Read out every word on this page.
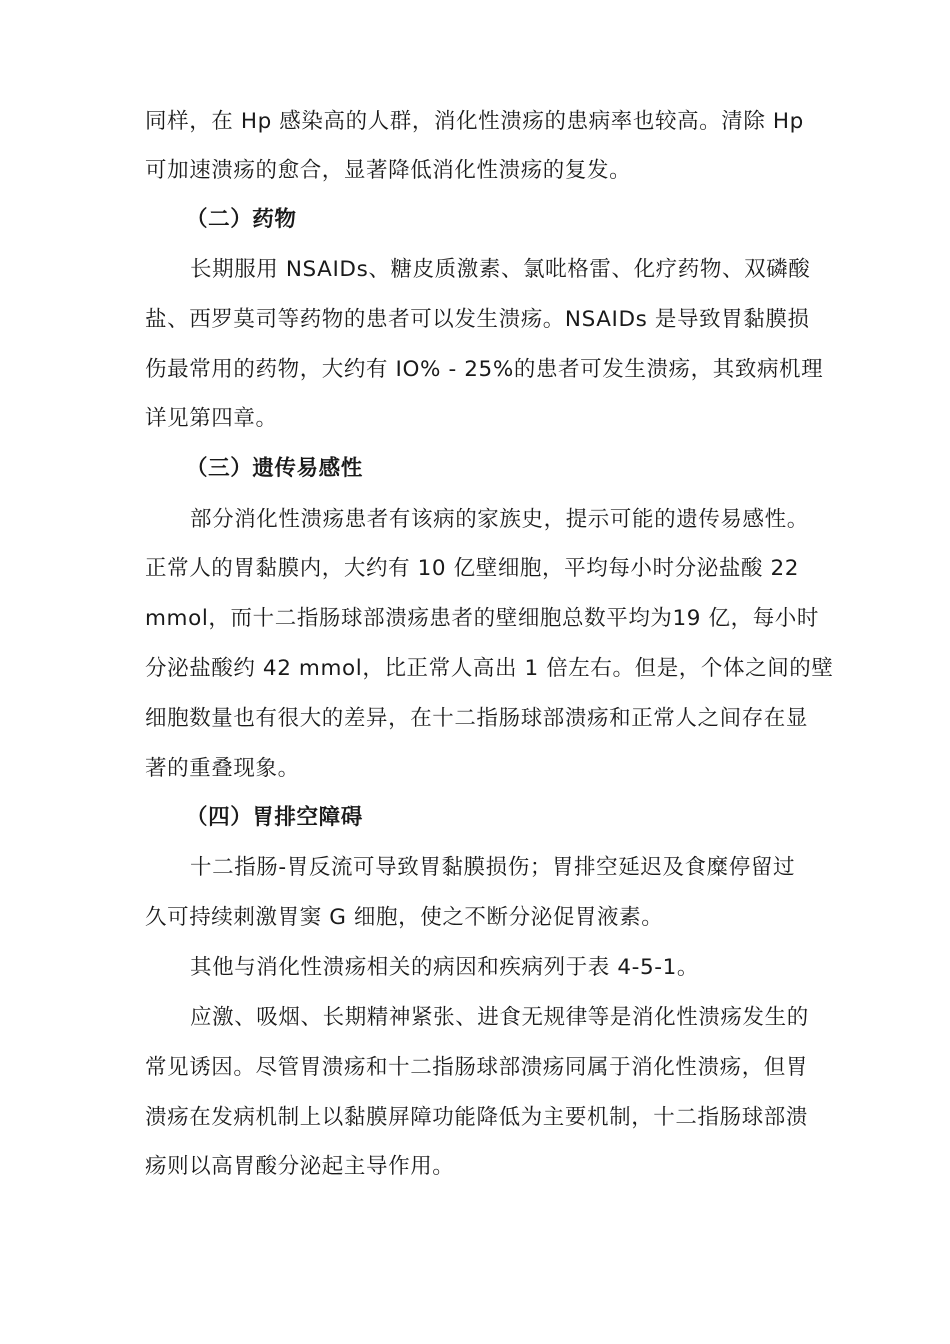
同样，在 Hp 感染高的人群，消化性溃疡的患病率也较高。清除 Hp
可加速溃疡的愈合，显著降低消化性溃疡的复发。
（二）药物
长期服用 NSAIDs、糖皮质激素、氯吡格雷、化疗药物、双磷酸
盐、西罗莫司等药物的患者可以发生溃疡。NSAIDs 是导致胃黏膜损
伤最常用的药物，大约有 IO% - 25%的患者可发生溃疡，其致病机理
详见第四章。
（三）遗传易感性
部分消化性溃疡患者有该病的家族史，提示可能的遗传易感性。
正常人的胃黏膜内，大约有 10 亿壁细胞，平均每小时分泌盐酸 22
mmol，而十二指肠球部溃疡患者的壁细胞总数平均为19 亿，每小时
分泌盐酸约 42 mmol，比正常人高出 1 倍左右。但是，个体之间的壁
细胞数量也有很大的差异，在十二指肠球部溃疡和正常人之间存在显
著的重叠现象。
（四）胃排空障碍
十二指肠-胃反流可导致胃黏膜损伤；胃排空延迟及食糜停留过
久可持续刺激胃窦 G 细胞，使之不断分泌促胃液素。
其他与消化性溃疡相关的病因和疾病列于表 4-5-1。
应激、吸烟、长期精神紧张、进食无规律等是消化性溃疡发生的
常见诱因。尽管胃溃疡和十二指肠球部溃疡同属于消化性溃疡，但胃
溃疡在发病机制上以黏膜屏障功能降低为主要机制，十二指肠球部溃
疡则以高胃酸分泌起主导作用。
